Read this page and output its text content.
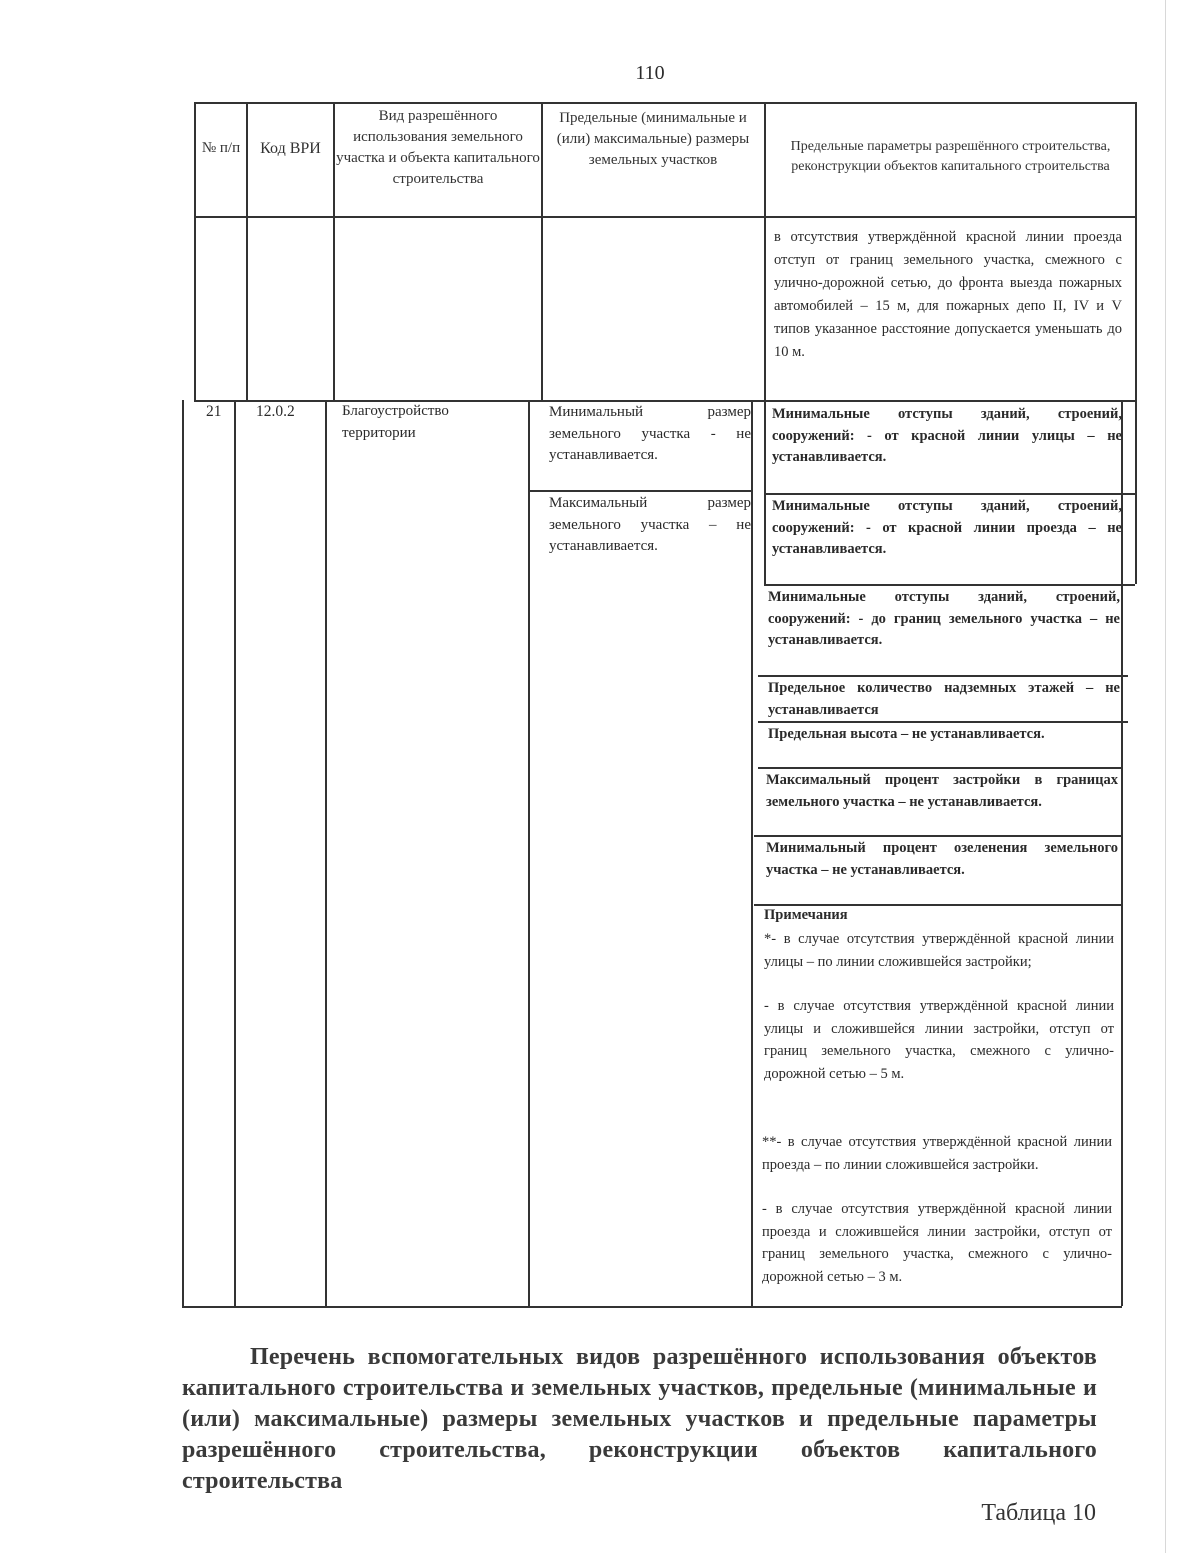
110
№ п/п	Код ВРИ
Вид разрешённого использования земельного участка и объекта капитального строительства
Предельные (минимальные и (или) максимальные) размеры земельных участков
Предельные параметры разрешённого строительства, реконструкции объектов капитального строительства
в отсутствия утверждённой красной линии проезда отступ от границ земельного участка, смежного с улично-дорожной сетью, до фронта выезда пожарных автомобилей – 15 м, для пожарных депо II, IV и V типов указанное расстояние допускается уменьшать до 10 м.
21 12.0.2	Благоустройство территории
Минимальный размер земельного участка - не устанавливается.
Максимальный размер земельного участка – не устанавливается.
Минимальные отступы зданий, строений, сооружений: - от красной линии улицы – не устанавливается.
Минимальные отступы зданий, строений, сооружений: - от красной линии проезда – не устанавливается.
Минимальные отступы зданий, строений, сооружений: - до границ земельного участка – не устанавливается.
Предельное количество надземных этажей – не устанавливается
Предельная высота – не устанавливается.
Максимальный процент застройки в границах земельного участка – не устанавливается.
Минимальный процент озеленения земельного участка – не устанавливается.
Примечания
*- в случае отсутствия утверждённой красной линии улицы – по линии сложившейся застройки;
- в случае отсутствия утверждённой красной линии улицы и сложившейся линии застройки, отступ от границ земельного участка, смежного с улично-дорожной сетью – 5 м.
**- в случае отсутствия утверждённой красной линии проезда – по линии сложившейся застройки.
- в случае отсутствия утверждённой красной линии проезда и сложившейся линии застройки, отступ от границ земельного участка, смежного с улично-дорожной сетью – 3 м.
Перечень вспомогательных видов разрешённого использования объектов капитального строительства и земельных участков, предельные (минимальные и (или) максимальные) размеры земельных участков и предельные параметры разрешённого строительства, реконструкции объектов капитального строительства
Таблица 10
